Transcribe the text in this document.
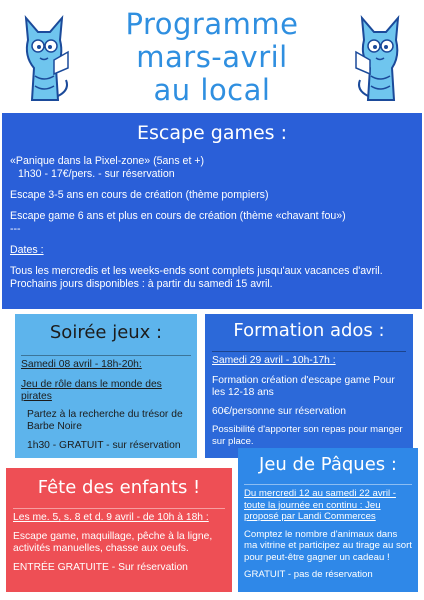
Programme
mars-avril
au local
Escape games :

«Panique dans la Pixel-zone» (5ans et +)

1h30 - 17€/pers. - sur réservation

Escape 3-5 ans en cours de création (thème pompiers)

Escape game 6 ans et plus en cours de création (thème «chavant fou»)

---

Dates :

Tous les mercredis et les weeks-ends sont complets jusqu'aux vacances d'avril.

Prochains jours disponibles : à partir du samedi 15 avril.

Soirée jeux :

Samedi 08 avril - 18h-20h:

Jeu de rôle dans le monde des pirates

Partez à la recherche du trésor de Barbe Noire

1h30 - GRATUIT - sur réservation

Formation ados :

Samedi 29 avril - 10h-17h :

Formation création d'escape game Pour les 12-18 ans

60€/personne sur réservation

Possibilité d'apporter son repas pour manger sur place.

Fête des enfants !

Les me. 5, s. 8 et d. 9 avril - de 10h à 18h :

Escape game, maquillage, pêche à la ligne, activités manuelles, chasse aux oeufs.

ENTRÉE GRATUITE - Sur réservation

Jeu de Pâques :

Du mercredi 12 au samedi 22 avril - toute la journée en continu : Jeu proposé par Landi Commerces

Comptez le nombre d'animaux dans ma vitrine et participez au tirage au sort pour peut-être gagner un cadeau !

GRATUIT - pas de réservation
